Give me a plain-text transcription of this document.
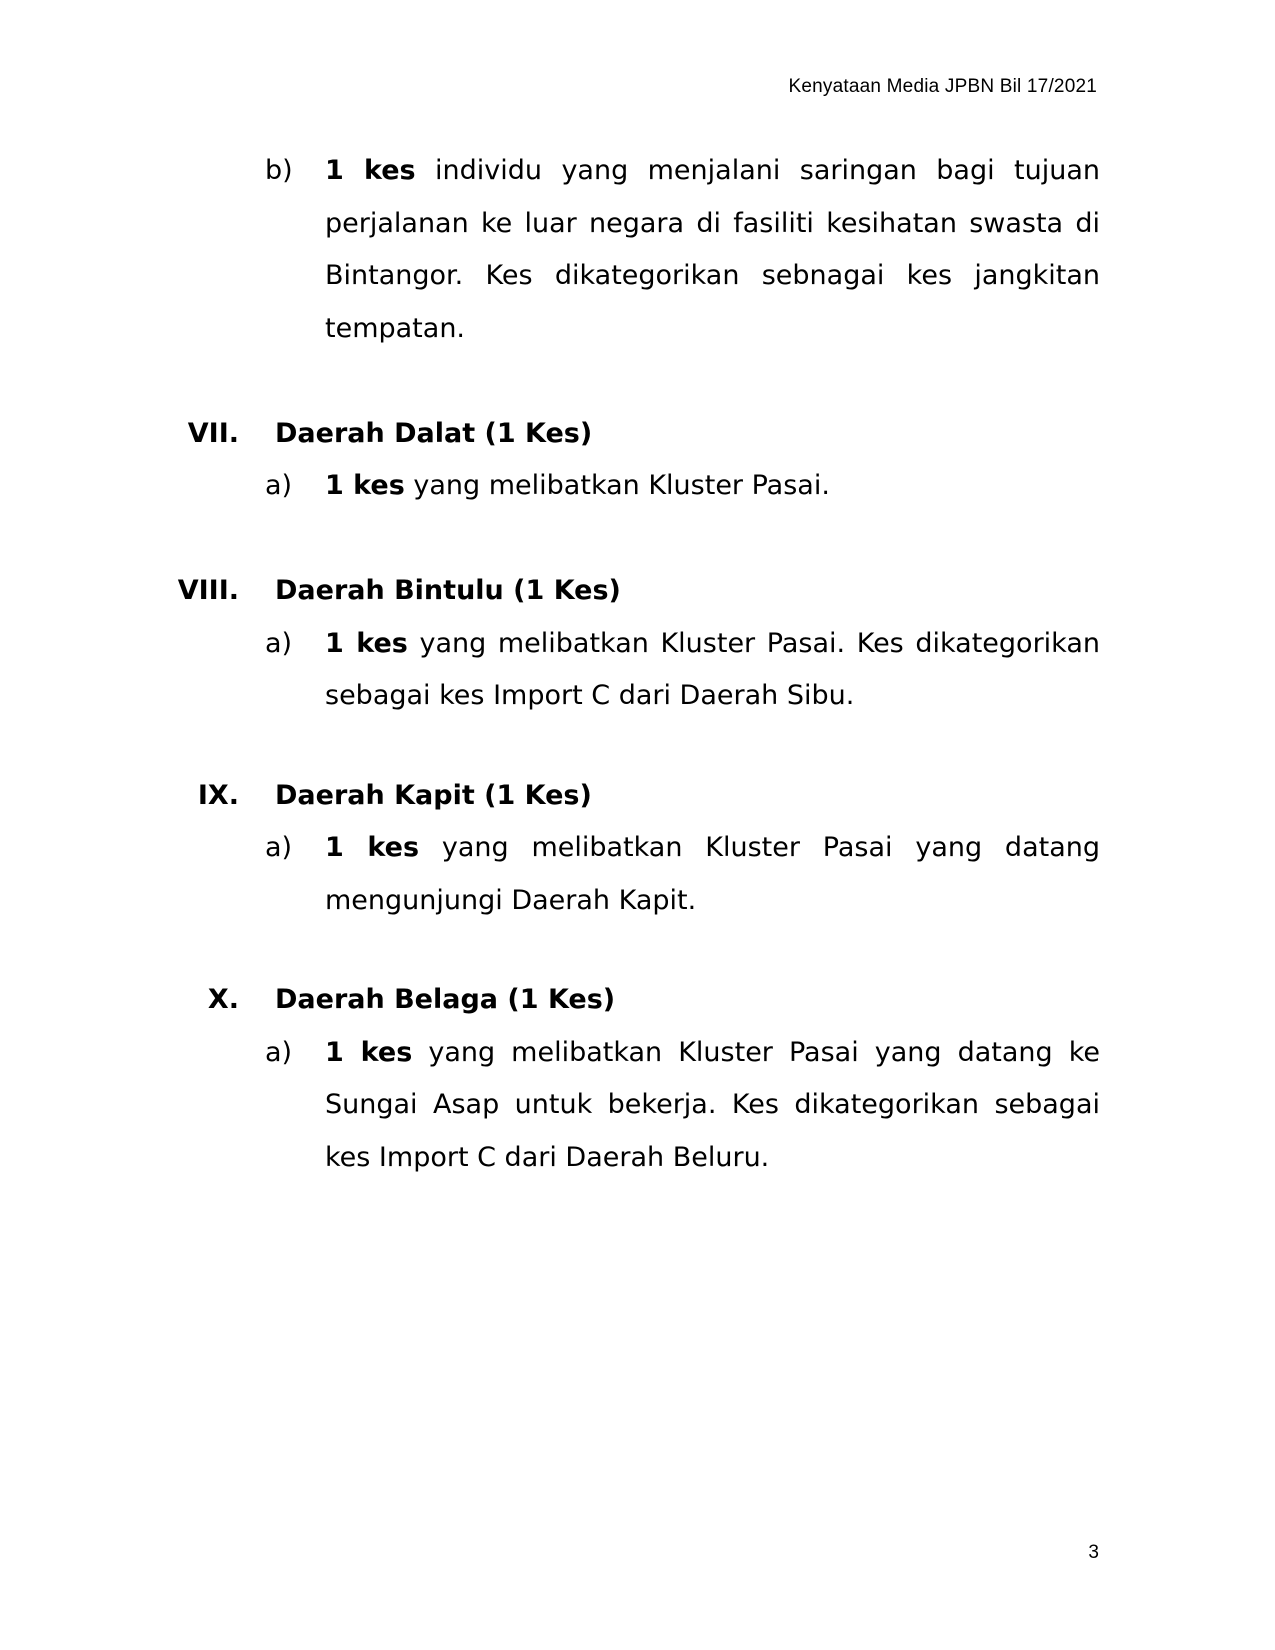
Kenyataan Media JPBN Bil 17/2021
b)	1 kes individu yang menjalani saringan bagi tujuan perjalanan ke luar negara di fasiliti kesihatan swasta di Bintangor. Kes dikategorikan sebnagai kes jangkitan tempatan.
VII. Daerah Dalat (1 Kes)
a)	1 kes yang melibatkan Kluster Pasai.
VIII. Daerah Bintulu (1 Kes)
a)	1 kes yang melibatkan Kluster Pasai. Kes dikategorikan sebagai kes Import C dari Daerah Sibu.
IX. Daerah Kapit (1 Kes)
a)	1 kes yang melibatkan Kluster Pasai yang datang mengunjungi Daerah Kapit.
X. Daerah Belaga (1 Kes)
a)	1 kes yang melibatkan Kluster Pasai yang datang ke Sungai Asap untuk bekerja. Kes dikategorikan sebagai kes Import C dari Daerah Beluru.
3
